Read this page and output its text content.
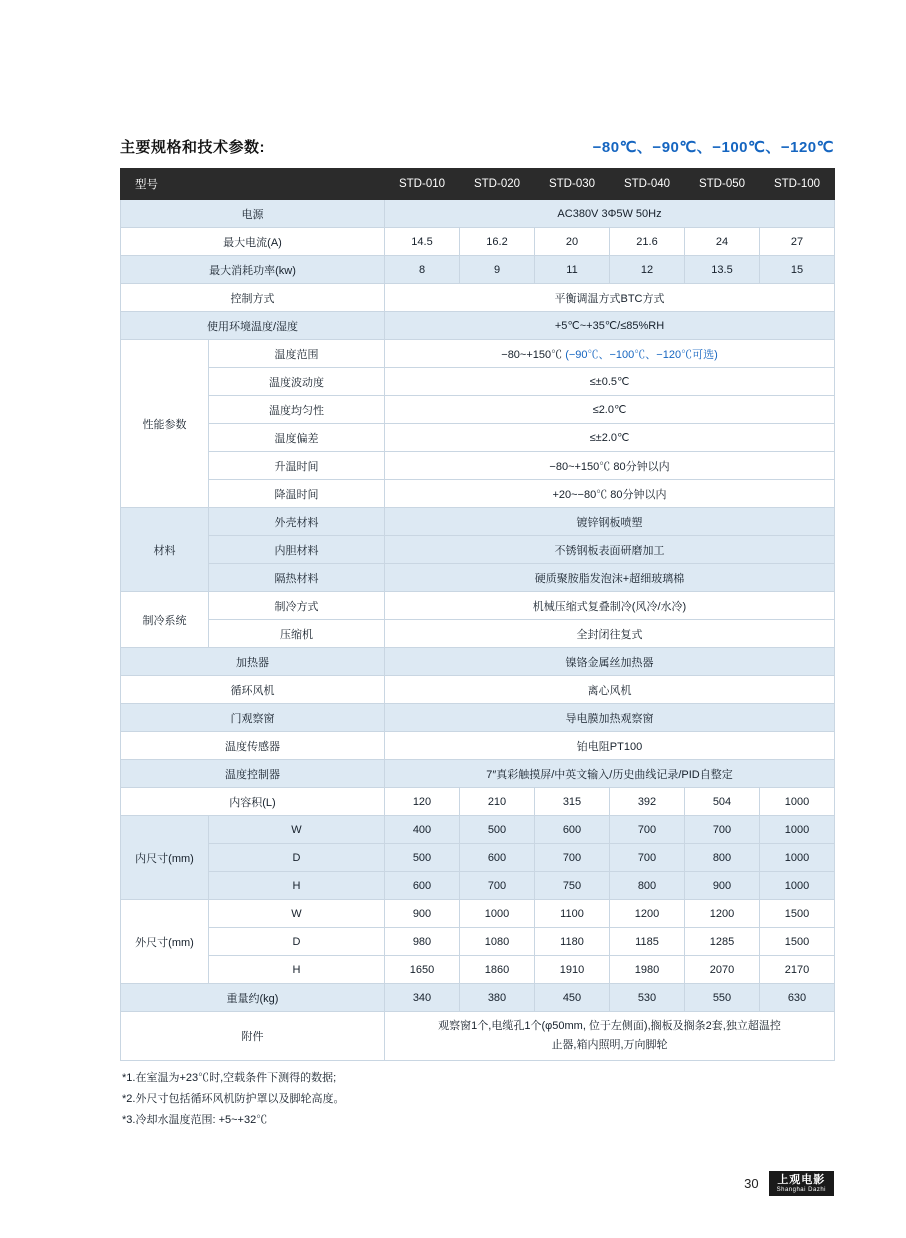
主要规格和技术参数:	−80℃、−90℃、−100℃、−120℃
型号		STD-010	STD-020	STD-030	STD-040	STD-050	STD-100
电源		AC380V 3Φ5W 50Hz					
最大电流(A)		14.5	16.2	20	21.6	24	27
最大消耗功率(kw)		8	9	11	12	13.5	15
控制方式		平衡调温方式BTC方式					
使用环境温度/湿度		+5℃~+35℃/≤85%RH					
性能参数	温度范围	−80~+150℃ (−90℃、−100℃、−120℃可选)					
	温度波动度	≤±0.5℃					
	温度均匀性	≤2.0℃					
	温度偏差	≤±2.0℃					
	升温时间	−80~+150℃ 80分钟以内					
	降温时间	+20~−80℃ 80分钟以内					
材料	外壳材料	镀锌钢板喷塑					
	内胆材料	不锈钢板表面研磨加工					
	隔热材料	硬质聚胺脂发泡沫+超细玻璃棉					
制冷系统	制冷方式	机械压缩式复叠制冷(风冷/水冷)					
	压缩机	全封闭往复式					
加热器		镍铬金属丝加热器					
循环风机		离心风机					
门观察窗		导电膜加热观察窗					
温度传感器		铂电阻PT100					
温度控制器		7″真彩触摸屏/中英文输入/历史曲线记录/PID自整定					
内容积(L)		120	210	315	392	504	1000
内尺寸(mm)	W	400	500	600	700	700	1000
	D	500	600	700	700	800	1000
	H	600	700	750	800	900	1000
外尺寸(mm)	W	900	1000	1100	1200	1200	1500
	D	980	1080	1180	1185	1285	1500
	H	1650	1860	1910	1980	2070	2170
重量约(kg)		340	380	450	530	550	630
附件		观察窗1个,电缆孔1个(φ50mm, 位于左侧面),搁板及搁条2套,独立超温控
止器,箱内照明,万向脚轮					
*1.在室温为+23℃时,空载条件下测得的数据;
*2.外尺寸包括循环风机防护罩以及脚轮高度。
*3.冷却水温度范围: +5~+32℃
30 上观电影
Shanghai Dazhi
